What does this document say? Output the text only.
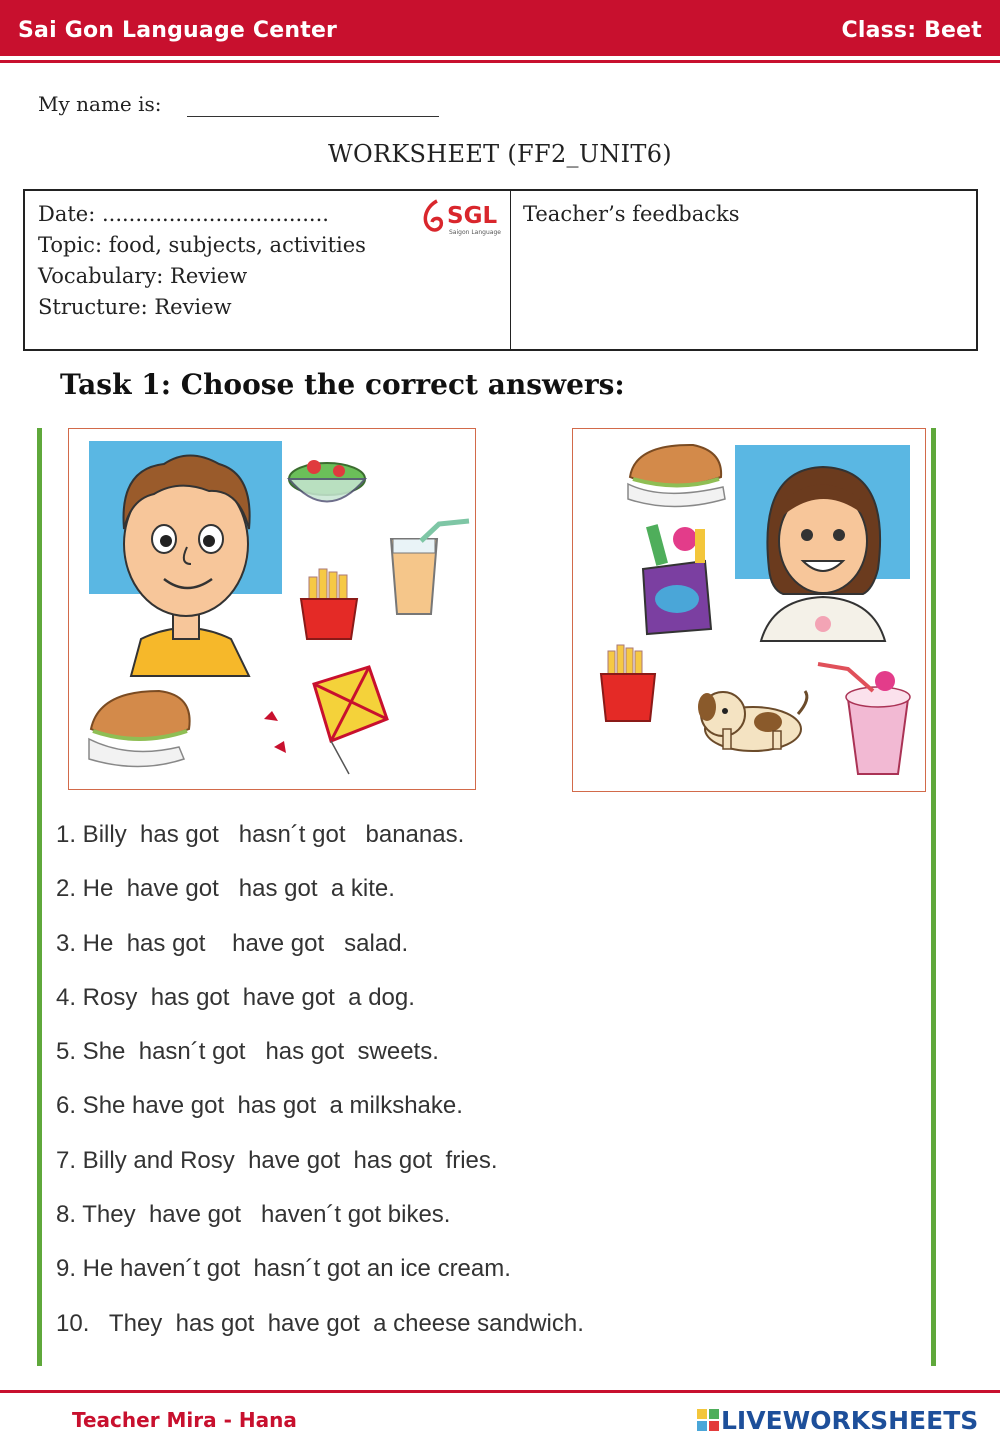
Sai Gon Language Center	Class: Beet
My name is:
WORKSHEET (FF2_UNIT6)
Date: ..................................
Topic: food, subjects, activities
Vocabulary: Review
Structure: Review
SGL
Saigon Language
Teacher’s feedbacks
Task 1: Choose the correct answers:
1. Billy  has got   hasn´t got   bananas.
2. He  have got   has got  a kite.
3. He  has got    have got   salad.
4. Rosy  has got  have got  a dog.
5. She  hasn´t got   has got  sweets.
6. She have got  has got  a milkshake.
7. Billy and Rosy  have got  has got  fries.
8. They  have got   haven´t got bikes.
9. He haven´t got  hasn´t got an ice cream.
10.   They  has got  have got  a cheese sandwich.
Teacher Mira - Hana	LIVEWORKSHEETS
